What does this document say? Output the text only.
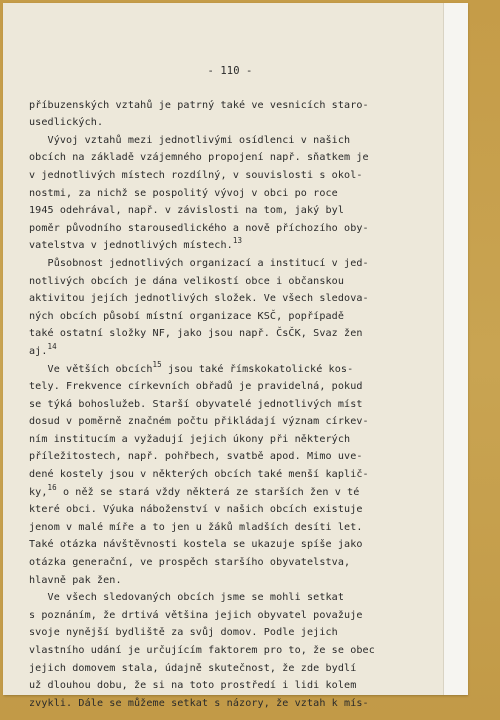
- 110 -
příbuzenských vztahů je patrný také ve vesnicích staro-
usedlických.
Vývoj vztahů mezi jednotlivými osídlenci v našich
obcích na základě vzájemného propojení např. sňatkem je
v jednotlivých místech rozdílný, v souvislosti s okol-
nostmi, za nichž se pospolitý vývoj v obci po roce
1945 odehrával, např. v závislosti na tom, jaký byl
poměr původního starousedlického a nově příchozího oby-
vatelstva v jednotlivých místech.$^{13}$
Působnost jednotlivých organizací a institucí v jed-
notlivých obcích je dána velikostí obce i občanskou
aktivitou jejích jednotlivých složek. Ve všech sledova-
ných obcích působí místní organizace KSČ, popřípadě
také ostatní složky NF, jako jsou např. ČsČK, Svaz žen
aj.$^{14}$
Ve větších obcích$^{15}$ jsou také římskokatolické kos-
tely. Frekvence církevních obřadů je pravidelná, pokud
se týká bohoslužeb. Starší obyvatelé jednotlivých míst
dosud v poměrně značném počtu přikládají význam církev-
ním institucím a vyžadují jejich úkony při některých
příležitostech, např. pohřbech, svatbě apod. Mimo uve-
dené kostely jsou v některých obcích také menší kaplič-
ky,$^{16}$ o něž se stará vždy některá ze starších žen v té
které obci. Výuka náboženství v našich obcích existuje
jenom v malé míře a to jen u žáků mladších desíti let.
Také otázka návštěvnosti kostela se ukazuje spíše jako
otázka generační, ve prospěch staršího obyvatelstva,
hlavně pak žen.
Ve všech sledovaných obcích jsme se mohli setkat
s poznáním, že drtivá většina jejich obyvatel považuje
svoje nynější bydliště za svůj domov. Podle jejich
vlastního udání je určujícím faktorem pro to, že se obec
jejich domovem stala, údajně skutečnost, že zde bydlí
už dlouhou dobu, že si na toto prostředí i lidi kolem
zvykli. Dále se můžeme setkat s názory, že vztah k mís-
